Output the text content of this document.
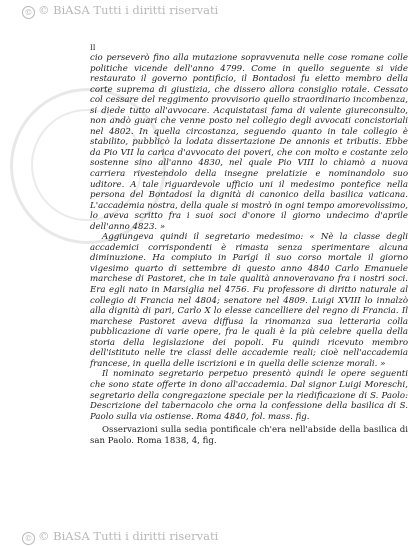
© © BiASA Tutti i diritti riservati
II

cio perseverò fino alla mutazione sopravvenuta nelle cose romane colle politiche vicende dell'anno 4799. Come in quello seguente si vide restaurato il governo pontificio, il Bontadosi fu eletto membro della corte suprema di giustizia, che dissero allora consiglio rotale. Cessato col cessare del reggimento provvisorio quello straordinario incombenza, si diede tutto all'avvocare. Acquistatasi fama di valente giureconsulto, non andò guari che venne posto nel collegio degli avvocati concistoriali nel 4802. In quella circostanza, seguendo quanto in tale collegio è stabilito, pubblicò la lodata dissertazione De annonis et tributis. Ebbe da Pio VII la carica d'avvocato dei poveri, che con molto e costante zelo sostenne sino all'anno 4830, nel quale Pio VIII lo chiamò a nuova carriera rivestendolo della insegne prelatizie e nominandolo suo uditore. A tale riguardevole ufficio uni il medesimo pontefice nella persona del Bontadosi la dignità di canonico della basilica vaticana. L'accademia nostra, della quale si mostrò in ogni tempo amorevolissimo, lo aveva scritto fra i suoi soci d'onore il giorno undecimo d'aprile dell'anno 4823. »

Aggiungeva quindi il segretario medesimo: « Nè la classe degli accademici corrispondenti è rimasta senza sperimentare alcuna diminuzione. Ha compiuto in Parigi il suo corso mortale il giorno vigesimo quarto di settembre di questo anno 4840 Carlo Emanuele marchese di Pastoret, che in tale qualità annoveravano fra i nostri soci. Era egli nato in Marsiglia nel 4756. Fu professore di diritto naturale al collegio di Francia nel 4804; senatore nel 4809. Luigi XVIII lo innalzò alla dignità di pari, Carlo X lo elesse cancelliere del regno di Francia. Il marchese Pastoret aveva diffusa la rinomanza sua letteraria colla pubblicazione di varie opere, fra le quali è la più celebre quella della storia della legislazione dei popoli. Fu quindi ricevuto membro dell'istituto nelle tre classi delle accademie reali; cioè nell'accademia francese, in quella delle iscrizioni e in quella delle scienze morali. »

Il nominato segretario perpetuo presentò quindi le opere seguenti che sono state offerte in dono all'accademia. Dal signor Luigi Moreschi, segretario della congregazione speciale per la riedificazione di S. Paolo: Descrizione del tabernacolo che orna la confessione della basilica di S. Paolo sulla via ostiense. Roma 4840, fol. mass. fig.

Osservazioni sulla sedia pontificale ch'era nell'abside della basilica di san Paolo. Roma 1838, 4, fig.

© © BiASA Tutti i diritti riservati
